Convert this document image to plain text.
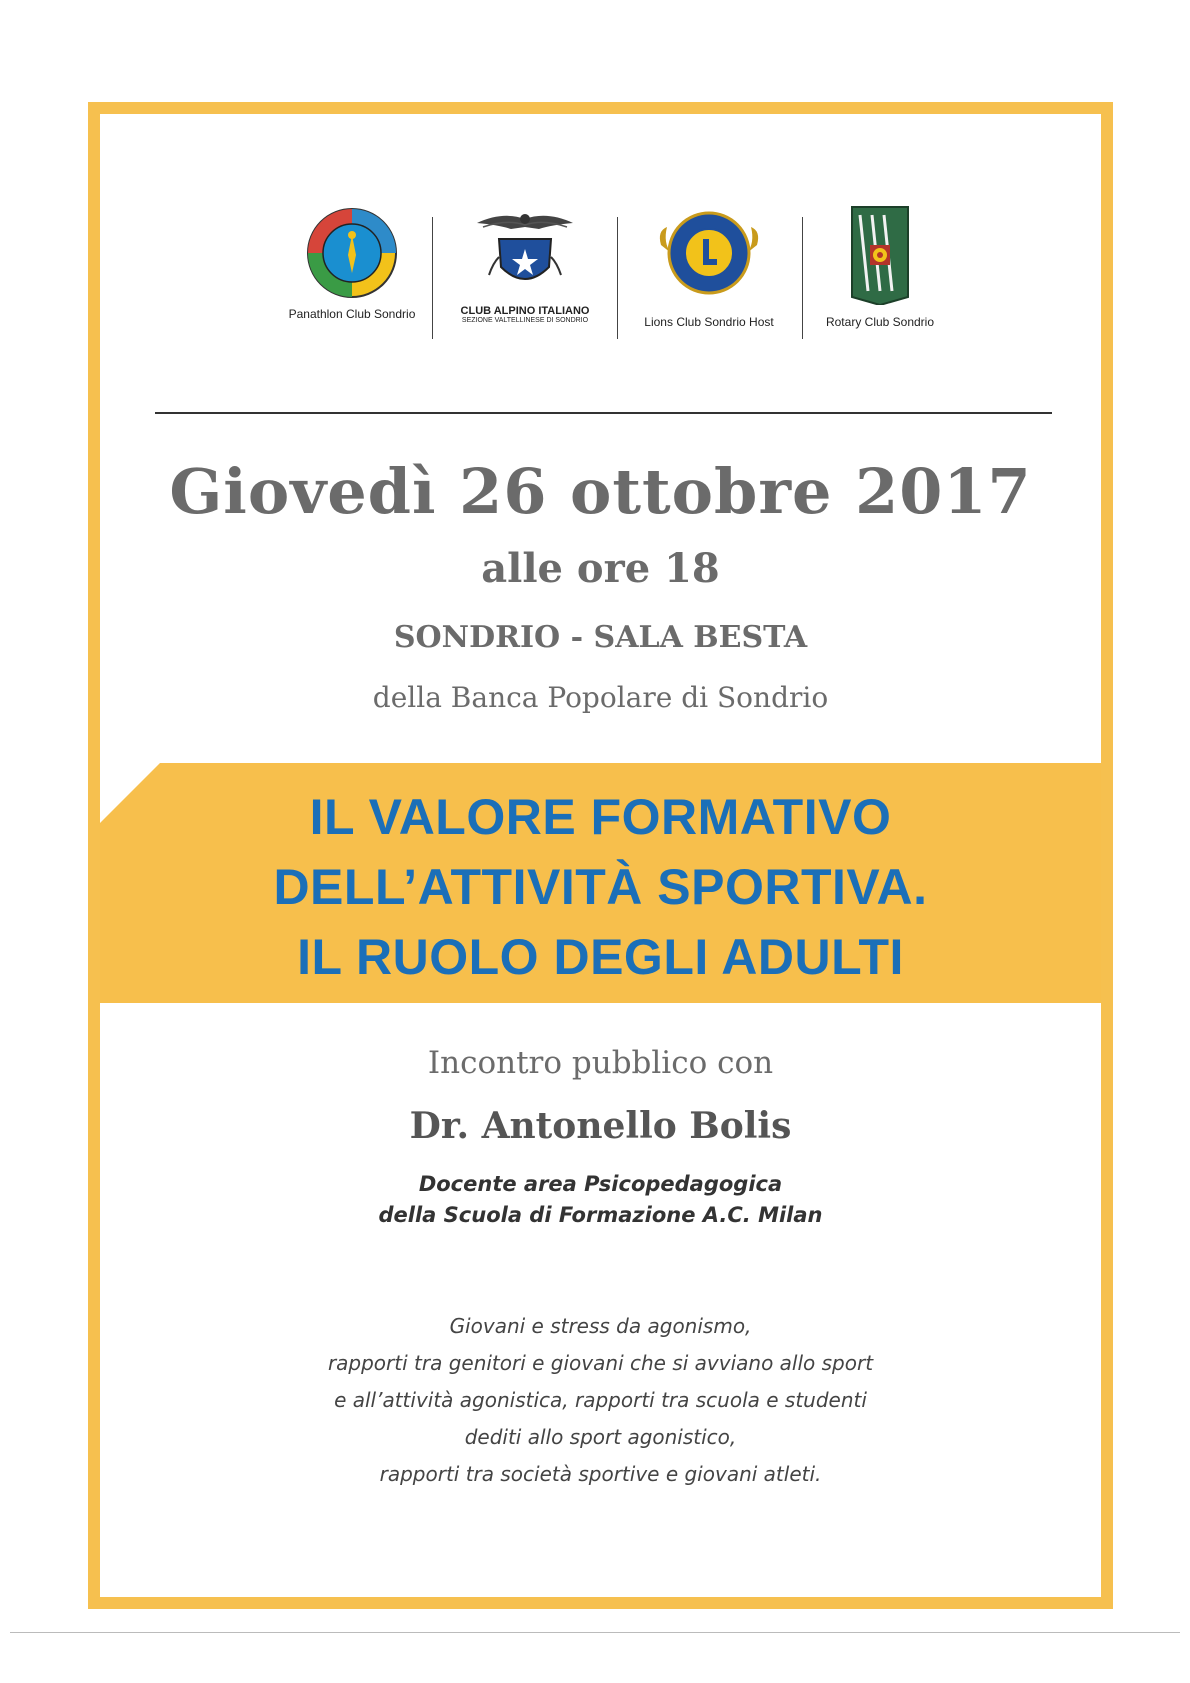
Panathlon Club Sondrio	CLUB ALPINO ITALIANO
SEZIONE VALTELLINESE DI SONDRIO	Lions Club Sondrio Host	Rotary Club Sondrio
Giovedì 26 ottobre 2017
alle ore 18
SONDRIO - SALA BESTA
della Banca Popolare di Sondrio
IL VALORE FORMATIVO
DELL’ATTIVITÀ SPORTIVA.
IL RUOLO DEGLI ADULTI
Incontro pubblico con
Dr. Antonello Bolis
Docente area Psicopedagogica
della Scuola di Formazione A.C. Milan
Giovani e stress da agonismo,
rapporti tra genitori e giovani che si avviano allo sport
e all’attività agonistica, rapporti tra scuola e studenti
dediti allo sport agonistico,
rapporti tra società sportive e giovani atleti.
